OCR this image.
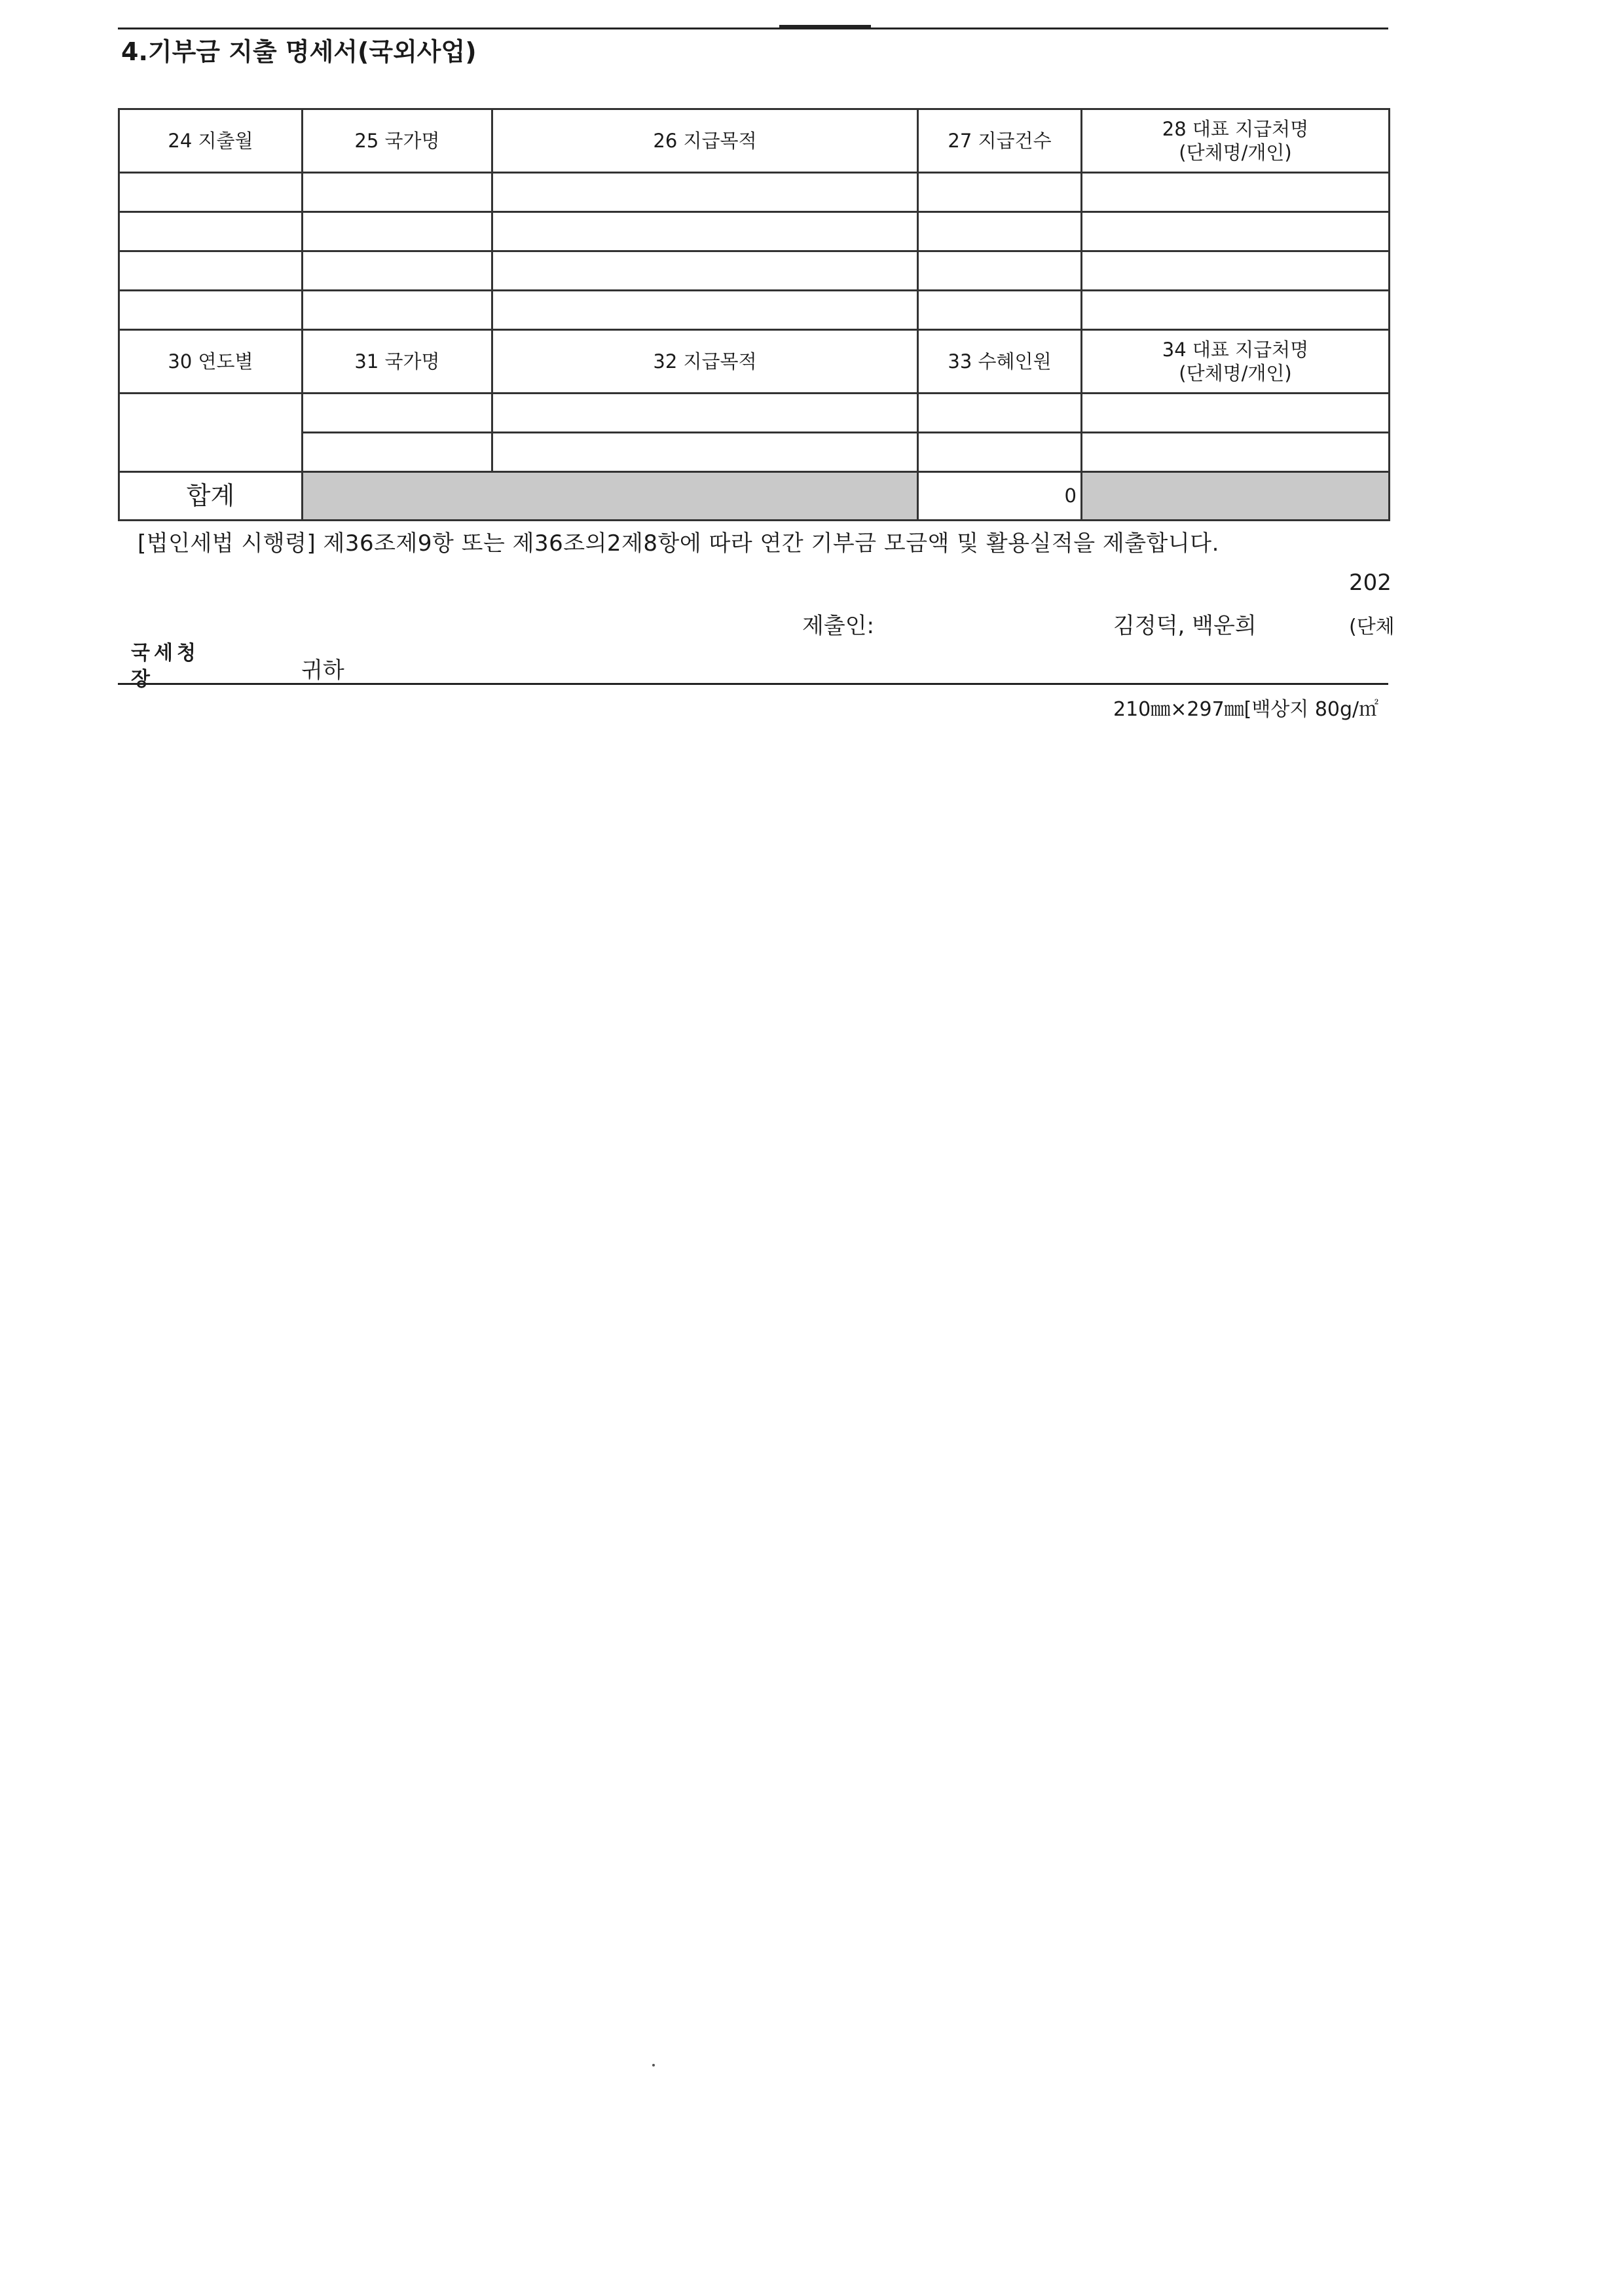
4.기부금 지출 명세서(국외사업)
24 지출월	25 국가명	26 지급목적	27 지급건수	28 대표 지급처명
(단체명/개인)

30 연도별	31 국가명	32 지급목적	33 수혜인원	34 대표 지급처명
(단체명/개인)

합계			0	
[법인세법 시행령] 제36조제9항 또는 제36조의2제8항에 따라 연간 기부금 모금액 및 활용실적을 제출합니다.
202
제출인:	김정덕, 백운희	(단체
국세청
장	귀하
210㎜×297㎜[백상지 80g/㎡
